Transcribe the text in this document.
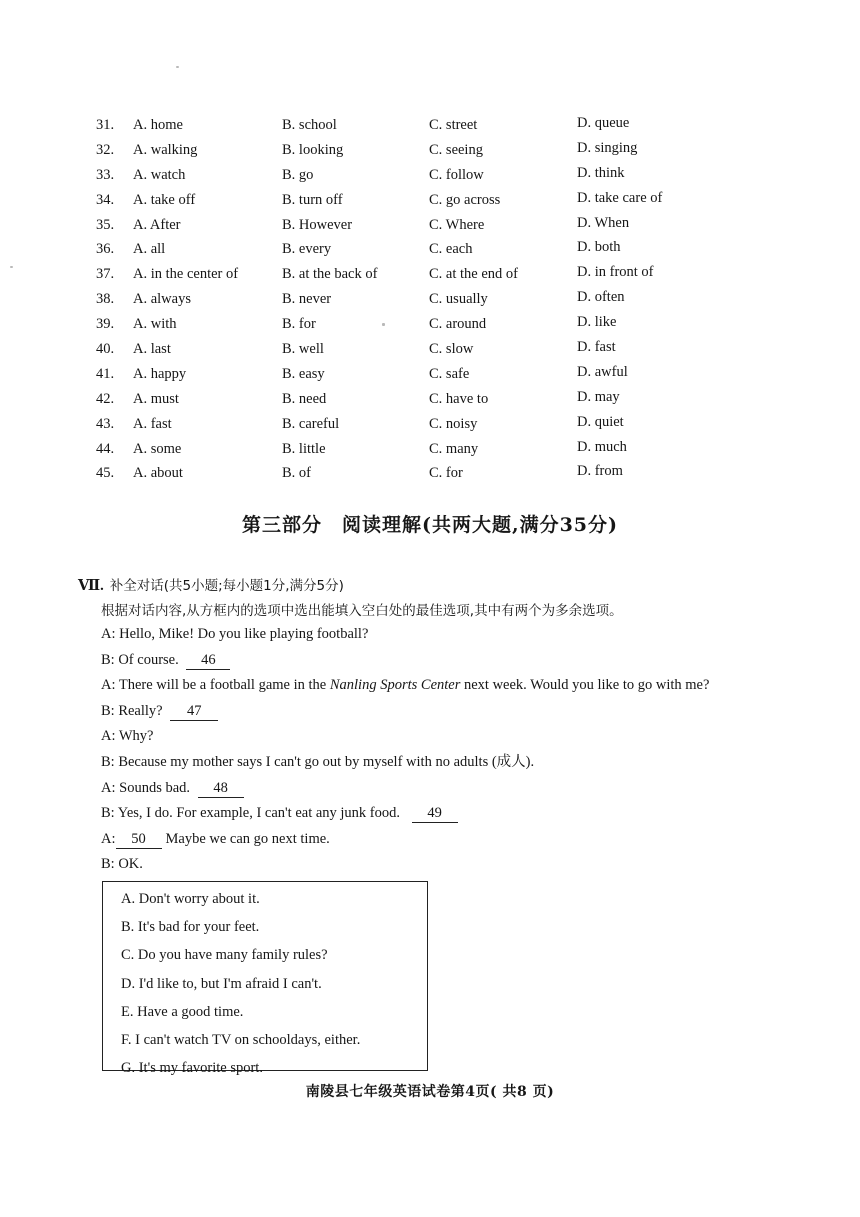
31. A. home	B. school	C. street	D. queue
32. A. walking	B. looking	C. seeing	D. singing
33. A. watch	B. go	C. follow	D. think
34. A. take off	B. turn off	C. go across	D. take care of
35. A. After	B. However	C. Where	D. When
36. A. all	B. every	C. each	D. both
37. A. in the center of	B. at the back of	C. at the end of	D. in front of
38. A. always	B. never	C. usually	D. often
39. A. with	B. for	C. around	D. like
40. A. last	B. well	C. slow	D. fast
41. A. happy	B. easy	C. safe	D. awful
42. A. must	B. need	C. have to	D. may
43. A. fast	B. careful	C. noisy	D. quiet
44. A. some	B. little	C. many	D. much
45. A. about	B. of	C. for	D. from
第三部分　阅读理解(共两大题,满分35分)
Ⅶ. 补全对话(共5小题;每小题1分,满分5分)
根据对话内容,从方框内的选项中选出能填入空白处的最佳选项,其中有两个为多余选项。
A: Hello, Mike! Do you like playing football?
B: Of course. 46
A: There will be a football game in the Nanling Sports Center next week. Would you like to go with me?
B: Really? 47
A: Why?
B: Because my mother says I can't go out by myself with no adults (成人).
A: Sounds bad. 48
B: Yes, I do. For example, I can't eat any junk food. 49
A: 50 Maybe we can go next time.
B: OK.
A. Don't worry about it.
B. It's bad for your feet.
C. Do you have many family rules?
D. I'd like to, but I'm afraid I can't.
E. Have a good time.
F. I can't watch TV on schooldays, either.
G. It's my favorite sport.
南陵县七年级英语试卷第4页( 共8 页)
